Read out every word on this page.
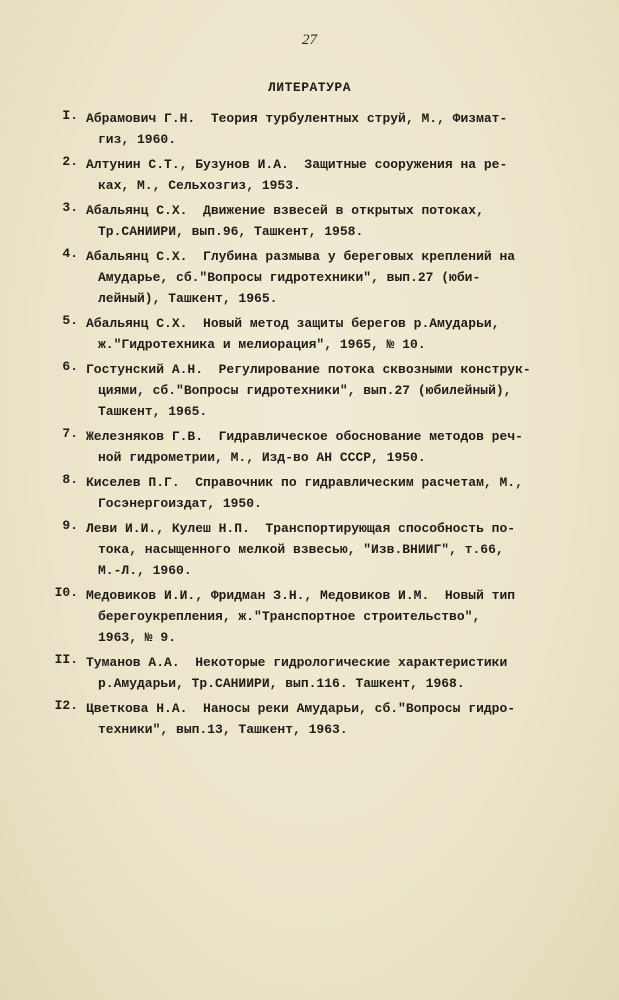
27
ЛИТЕРАТУРА
I. Абрамович Г.Н.  Теория турбулентных струй, М., Физмат-
гиз, 1960.
2. Алтунин С.Т., Бузунов И.А.  Защитные сооружения на ре-
ках, М., Сельхозгиз, 1953.
3. Абальянц С.Х.  Движение взвесей в открытых потоках,
Тр.САНИИРИ, вып.96, Ташкент, 1958.
4. Абальянц С.Х.  Глубина размыва у береговых креплений на
Амударье, сб."Вопросы гидротехники", вып.27 (юби-
лейный), Ташкент, 1965.
5. Абальянц С.Х.  Новый метод защиты берегов р.Амударьи,
ж."Гидротехника и мелиорация", 1965, № 10.
6. Гостунский А.Н.  Регулирование потока сквозными конструк-
циями, сб."Вопросы гидротехники", вып.27 (юбилейный),
Ташкент, 1965.
7. Железняков Г.В.  Гидравлическое обоснование методов реч-
ной гидрометрии, М., Изд-во АН СССР, 1950.
8. Киселев П.Г.  Справочник по гидравлическим расчетам, М.,
Госэнергоиздат, 1950.
9. Леви И.И., Кулеш Н.П.  Транспортирующая способность по-
тока, насыщенного мелкой взвесью, "Изв.ВНИИГ", т.66,
М.-Л., 1960.
I0. Медовиков И.И., Фридман З.Н., Медовиков И.М.  Новый тип
берегоукрепления, ж."Транспортное строительство",
1963, № 9.
II. Туманов А.А.  Некоторые гидрологические характеристики
р.Амударьи, Тр.САНИИРИ, вып.116. Ташкент, 1968.
I2. Цветкова Н.А.  Наносы реки Амударьи, сб."Вопросы гидро-
техники", вып.13, Ташкент, 1963.
